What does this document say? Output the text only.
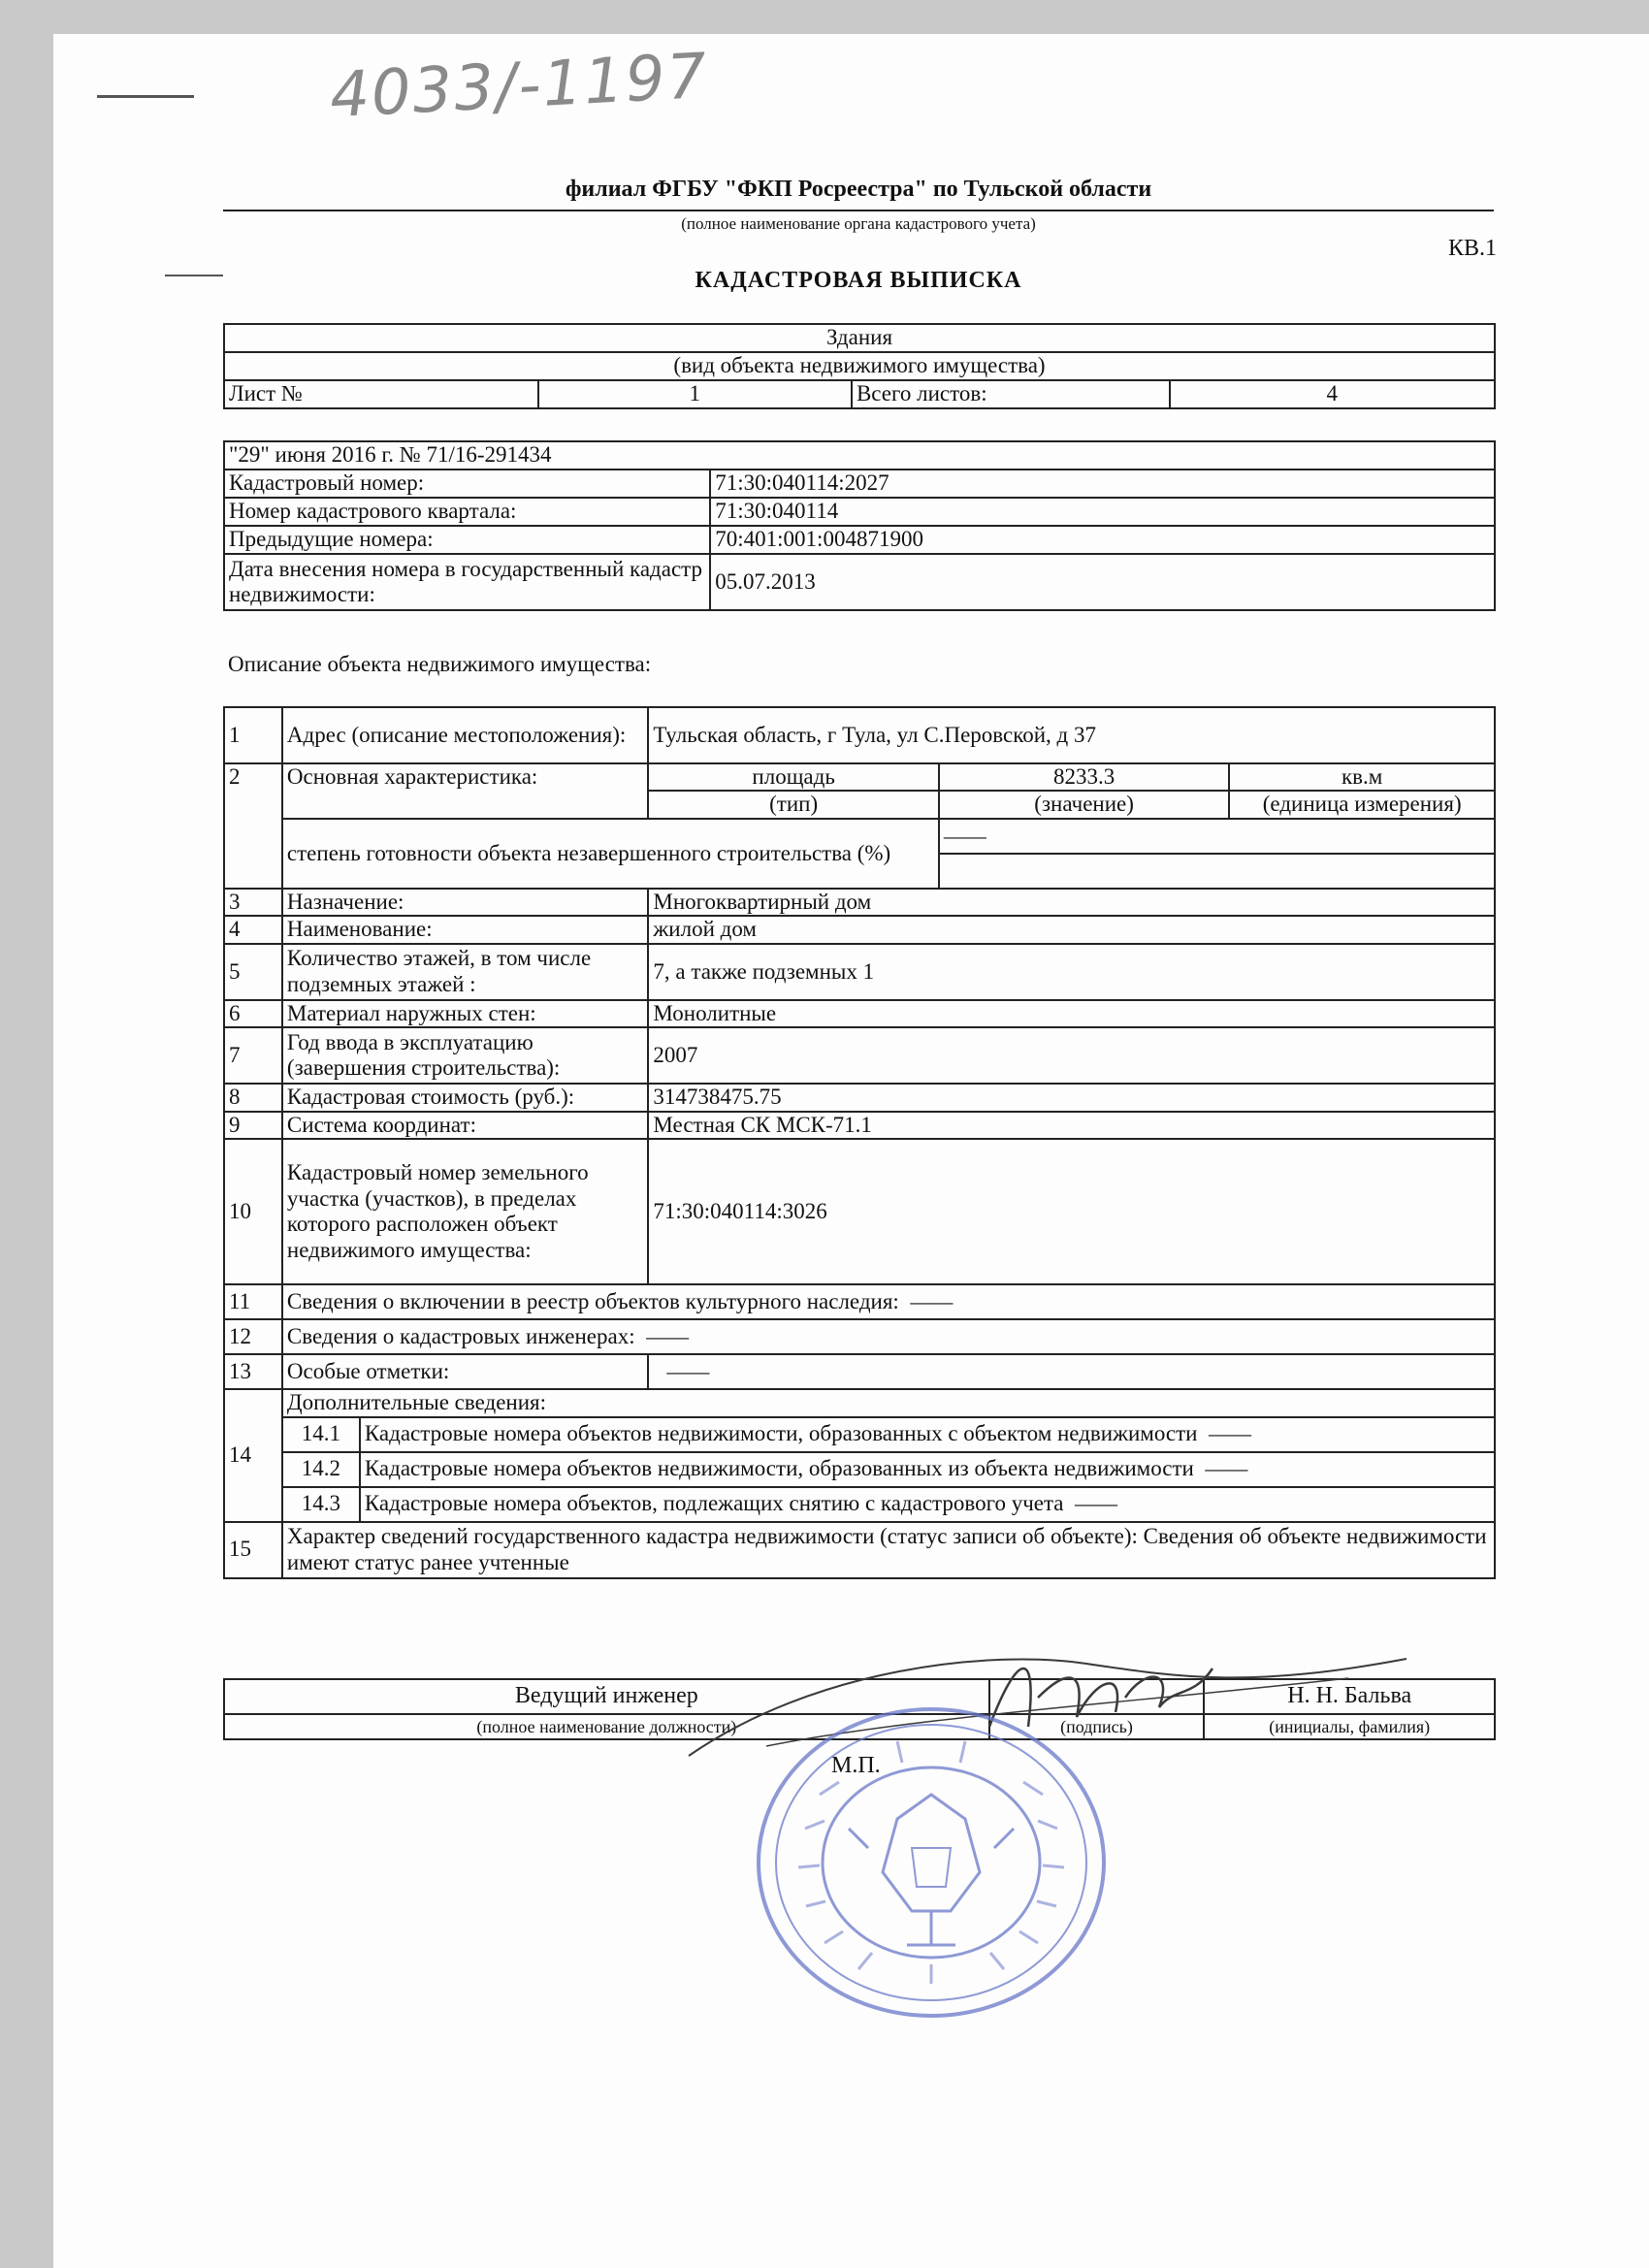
4033/-1197
филиал ФГБУ "ФКП Росреестра" по Тульской области
(полное наименование органа кадастрового учета)
КВ.1
КАДАСТРОВАЯ ВЫПИСКА
Здания
(вид объекта недвижимого имущества)
Лист №	1	Всего листов:	4
"29" июня 2016 г. № 71/16-291434	
Кадастровый номер:	71:30:040114:2027
Номер кадастрового квартала:	71:30:040114
Предыдущие номера:	70:401:001:004871900
Дата внесения номера в государственный кадастр недвижимости:	05.07.2013
Описание объекта недвижимого имущества:
1	Адрес (описание местоположения):		Тульская область, г Тула, ул С.Перовской, д 37		
2	Основная характеристика:		площадь	8233.3	кв.м
			(тип)	(значение)	(единица измерения)
	степень готовности объекта незавершенного строительства (%)			——	

3	Назначение:		Многоквартирный дом		
4	Наименование:		жилой дом		
5	Количество этажей, в том числе подземных этажей :		7, а также подземных 1		
6	Материал наружных стен:		Монолитные		
7	Год ввода в эксплуатацию (завершения строительства):		2007		
8	Кадастровая стоимость (руб.):		314738475.75		
9	Система координат:		Местная СК МСК-71.1		
10	Кадастровый номер земельного участка (участков), в пределах которого расположен объект недвижимого имущества:		71:30:040114:3026		
11	Сведения о включении в реестр объектов культурного наследия: ——				
12	Сведения о кадастровых инженерах: ——				
13	Особые отметки:		——		
14	Дополнительные сведения:				
	14.1	Кадастровые номера объектов недвижимости, образованных с объектом недвижимости ——			
	14.2	Кадастровые номера объектов недвижимости, образованных из объекта недвижимости ——			
	14.3	Кадастровые номера объектов, подлежащих снятию с кадастрового учета ——			
15	Характер сведений государственного кадастра недвижимости (статус записи об объекте): Сведения об объекте недвижимости имеют статус ранее учтенные				
Ведущий инженер		Н. Н. Бальва
(полное наименование должности)	(подпись)	(инициалы, фамилия)
М.П.
